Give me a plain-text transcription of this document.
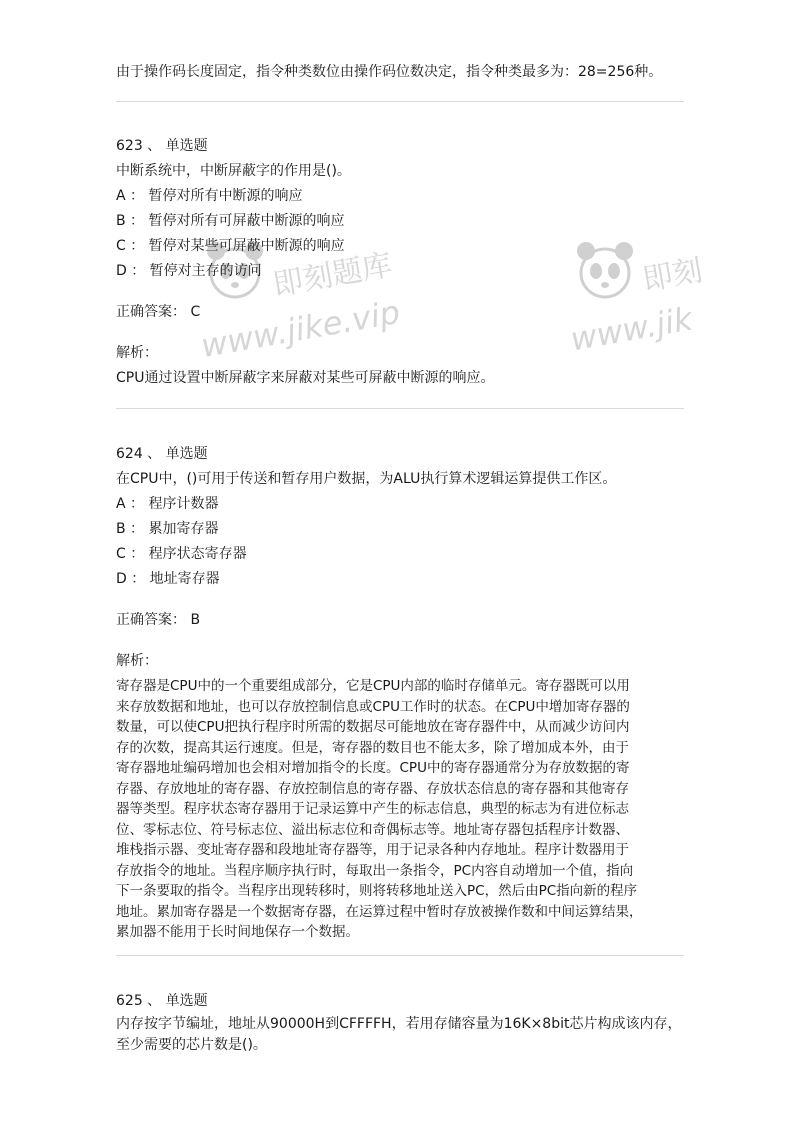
即刻题库
www.jike.vip
即刻
www.jik
由于操作码长度固定，指令种类数位由操作码位数决定，指令种类最多为：28=256种。
623 、 单选题
中断系统中，中断屏蔽字的作用是()。
A ： 暂停对所有中断源的响应
B ： 暂停对所有可屏蔽中断源的响应
C ： 暂停对某些可屏蔽中断源的响应
D ： 暂停对主存的访问
正确答案： C
解析：
CPU通过设置中断屏蔽字来屏蔽对某些可屏蔽中断源的响应。
624 、 单选题
在CPU中，()可用于传送和暂存用户数据，为ALU执行算术逻辑运算提供工作区。
A ： 程序计数器
B ： 累加寄存器
C ： 程序状态寄存器
D ： 地址寄存器
正确答案： B
解析：
寄存器是CPU中的一个重要组成部分，它是CPU内部的临时存储单元。寄存器既可以用
来存放数据和地址，也可以存放控制信息或CPU工作时的状态。在CPU中增加寄存器的
数量，可以使CPU把执行程序时所需的数据尽可能地放在寄存器件中，从而减少访问内
存的次数，提高其运行速度。但是，寄存器的数目也不能太多，除了增加成本外，由于
寄存器地址编码增加也会相对增加指令的长度。CPU中的寄存器通常分为存放数据的寄
存器、存放地址的寄存器、存放控制信息的寄存器、存放状态信息的寄存器和其他寄存
器等类型。程序状态寄存器用于记录运算中产生的标志信息，典型的标志为有进位标志
位、零标志位、符号标志位、溢出标志位和奇偶标志等。地址寄存器包括程序计数器、
堆栈指示器、变址寄存器和段地址寄存器等，用于记录各种内存地址。程序计数器用于
存放指令的地址。当程序顺序执行时，每取出一条指令，PC内容自动增加一个值，指向
下一条要取的指令。当程序出现转移时，则将转移地址送入PC，然后由PC指向新的程序
地址。累加寄存器是一个数据寄存器，在运算过程中暂时存放被操作数和中间运算结果，
累加器不能用于长时间地保存一个数据。
625 、 单选题
内存按字节编址，地址从90000H到CFFFFH，若用存储容量为16K×8bit芯片构成该内存，
至少需要的芯片数是()。
